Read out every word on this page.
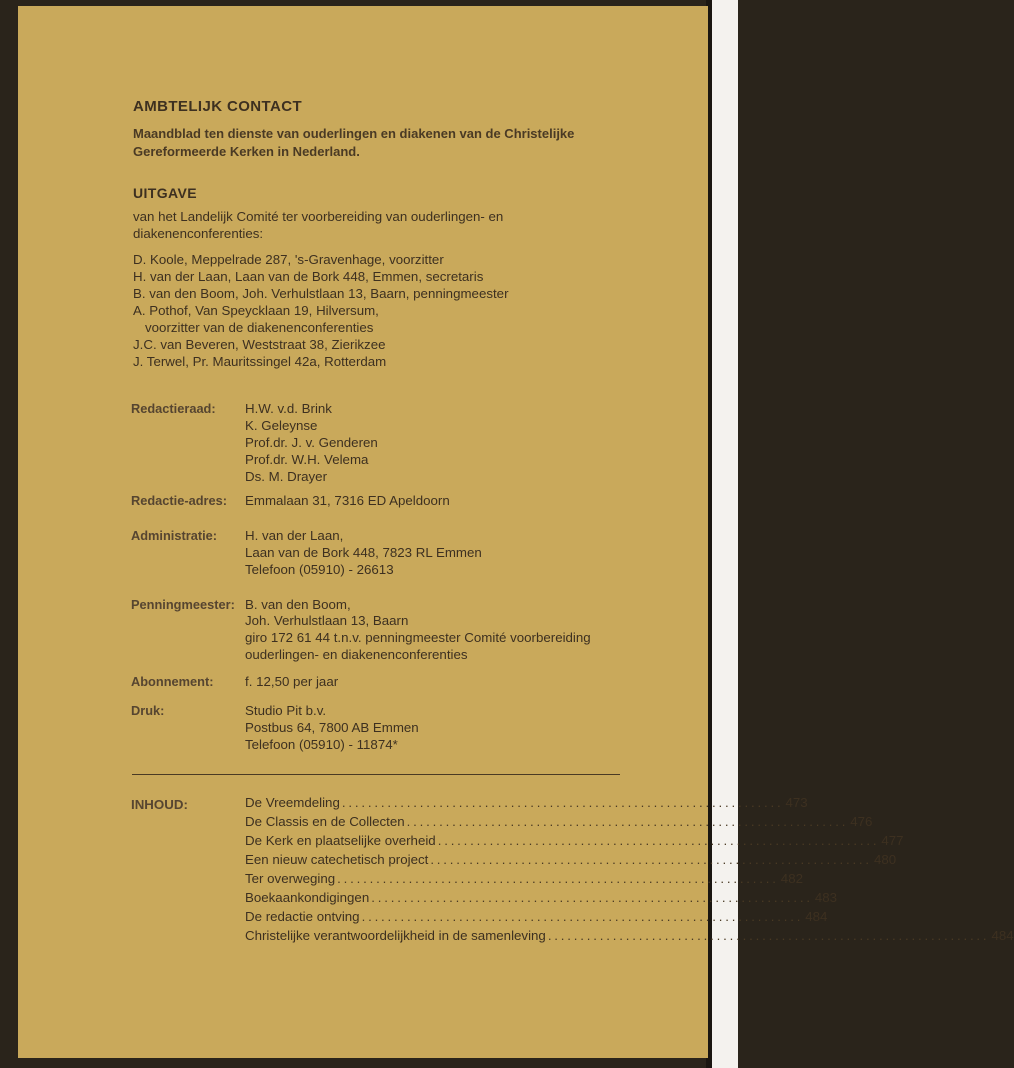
AMBTELIJK CONTACT

Maandblad ten dienste van ouderlingen en diakenen van de Christelijke Gereformeerde Kerken in Nederland.

UITGAVE

van het Landelijk Comité ter voorbereiding van ouderlingen- en diakenenconferenties:

D. Koole, Meppelrade 287, 's-Gravenhage, voorzitter
H. van der Laan, Laan van de Bork 448, Emmen, secretaris
B. van den Boom, Joh. Verhulstlaan 13, Baarn, penningmeester
A. Pothof, Van Speycklaan 19, Hilversum,
voorzitter van de diakenenconferenties
J.C. van Beveren, Weststraat 38, Zierikzee
J. Terwel, Pr. Mauritssingel 42a, Rotterdam
Redactieraad: H.W. v.d. Brink
K. Geleynse
Prof.dr. J. v. Genderen
Prof.dr. W.H. Velema
Ds. M. Drayer
Redactie-adres: Emmalaan 31, 7316 ED Apeldoorn
Administratie: H. van der Laan,
Laan van de Bork 448, 7823 RL Emmen
Telefoon (05910) - 26613
Penningmeester: B. van den Boom,
Joh. Verhulstlaan 13, Baarn
giro 172 61 44 t.n.v. penningmeester Comité voorbereiding
ouderlingen- en diakenenconferenties
Abonnement: f. 12,50 per jaar
Druk:	Studio Pit b.v.
Postbus 64, 7800 AB Emmen
Telefoon (05910) - 11874*
INHOUD:	De Vreemdeling .................................................................... 473
De Classis en de Collecten .................................................................... 476
De Kerk en plaatselijke overheid .................................................................... 477
Een nieuw catechetisch project .................................................................... 480
Ter overweging .................................................................... 482
Boekaankondigingen .................................................................... 483
De redactie ontving .................................................................... 484
Christelijke verantwoordelijkheid in de samenleving .................................................................... 484
